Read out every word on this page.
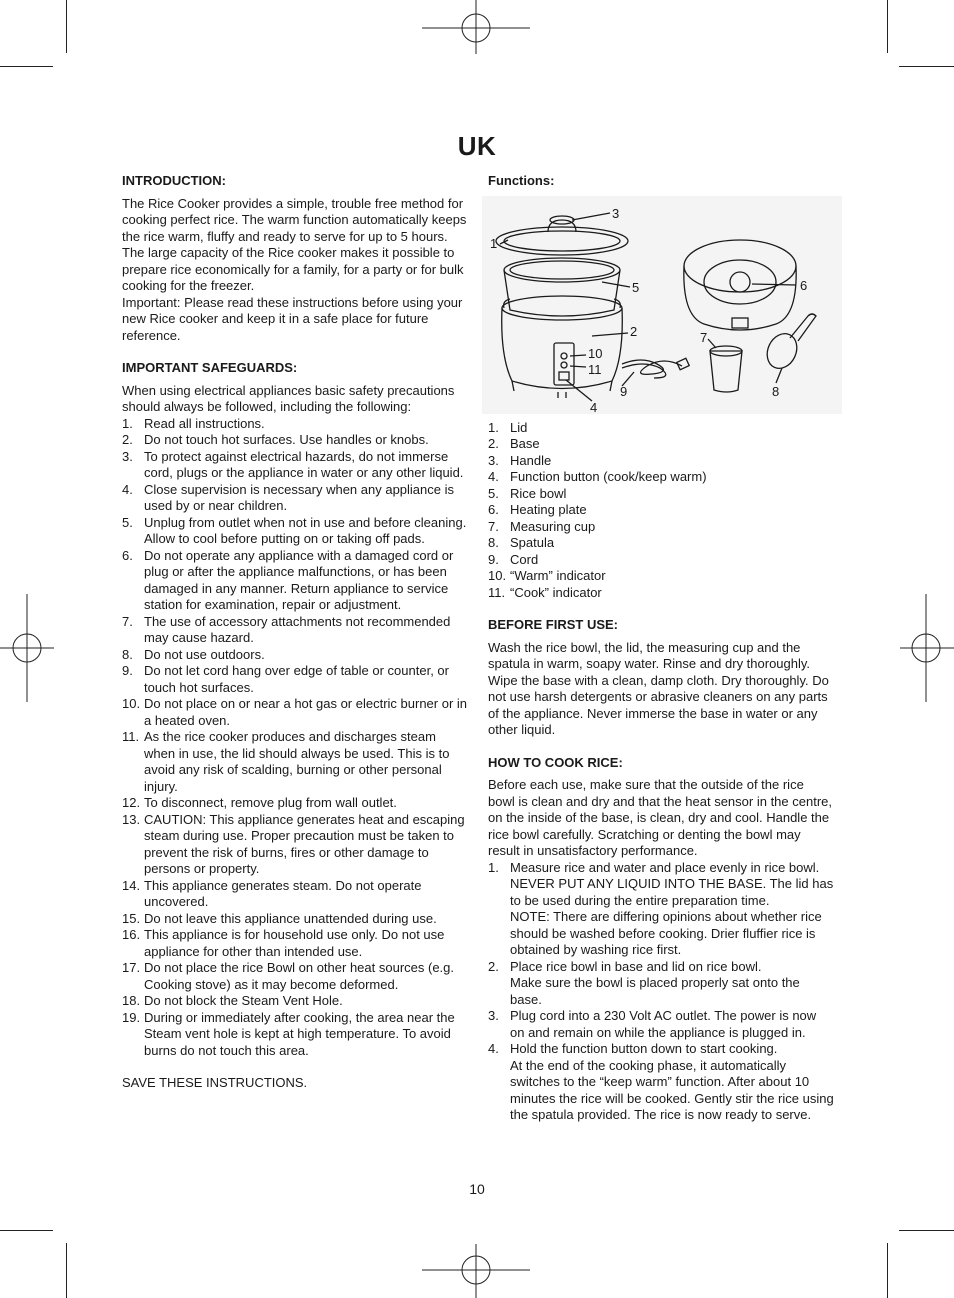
UK
INTRODUCTION:

The Rice Cooker provides a simple, trouble free method for cooking perfect rice. The warm function automatically keeps the rice warm, fluffy and ready to serve for up to 5 hours.

The large capacity of the Rice cooker makes it possible to prepare rice economically for a family, for a party or for bulk cooking for the freezer.

Important: Please read these instructions before using your new Rice cooker and keep it in a safe place for future reference.

IMPORTANT SAFEGUARDS:

When using electrical appliances basic safety precautions should always be followed, including the following:

1. Read all instructions.
2. Do not touch hot surfaces. Use handles or knobs.
3. To protect against electrical hazards, do not immerse cord, plugs or the appliance in water or any other liquid.
4. Close supervision is necessary when any appliance is used by or near children.
5. Unplug from outlet when not in use and before cleaning. Allow to cool before putting on or taking off pads.
6. Do not operate any appliance with a damaged cord or plug or after the appliance malfunctions, or has been damaged in any manner. Return appliance to service station for examination, repair or adjustment.
7. The use of accessory attachments not recommended may cause hazard.
8. Do not use outdoors.
9. Do not let cord hang over edge of table or counter, or touch hot surfaces.
10. Do not place on or near a hot gas or electric burner or in a heated oven.
11. As the rice cooker produces and discharges steam when in use, the lid should always be used. This is to avoid any risk of scalding, burning or other personal injury.
12. To disconnect, remove plug from wall outlet.
13. CAUTION: This appliance generates heat and escaping steam during use. Proper precaution must be taken to prevent the risk of burns, fires or other damage to persons or property.
14. This appliance generates steam. Do not operate uncovered.
15. Do not leave this appliance unattended during use.
16. This appliance is for household use only. Do not use appliance for other than intended use.
17. Do not place the rice Bowl on other heat sources (e.g. Cooking stove) as it may become deformed.
18. Do not block the Steam Vent Hole.
19. During or immediately after cooking, the area near the Steam vent hole is kept at high temperature. To avoid burns do not touch this area.

SAVE THESE INSTRUCTIONS.

Functions:
1
2
3
4
5	6
7
8
9
10
11
1. Lid
2. Base
3. Handle
4. Function button (cook/keep warm)
5. Rice bowl
6. Heating plate
7. Measuring cup
8. Spatula
9. Cord
10. “Warm” indicator
11. “Cook” indicator
BEFORE FIRST USE:

Wash the rice bowl, the lid, the measuring cup and the spatula in warm, soapy water. Rinse and dry thoroughly. Wipe the base with a clean, damp cloth. Dry thoroughly. Do not use harsh detergents or abrasive cleaners on any parts of the appliance. Never immerse the base in water or any other liquid.

HOW TO COOK RICE:

Before each use, make sure that the outside of the rice bowl is clean and dry and that the heat sensor in the centre, on the inside of the base, is clean, dry and cool. Handle the rice bowl carefully. Scratching or denting the bowl may result in unsatisfactory performance.

1. Measure rice and water and place evenly in rice bowl. NEVER PUT ANY LIQUID INTO THE BASE. The lid has to be used during the entire preparation time.
NOTE: There are differing opinions about whether rice should be washed before cooking. Drier fluffier rice is obtained by washing rice first.
2. Place rice bowl in base and lid on rice bowl.
Make sure the bowl is placed properly sat onto the base.
3. Plug cord into a 230 Volt AC outlet. The power is now on and remain on while the appliance is plugged in.
4. Hold the function button down to start cooking.
At the end of the cooking phase, it automatically switches to the “keep warm” function. After about 10 minutes the rice will be cooked. Gently stir the rice using the spatula provided. The rice is now ready to serve.
10
